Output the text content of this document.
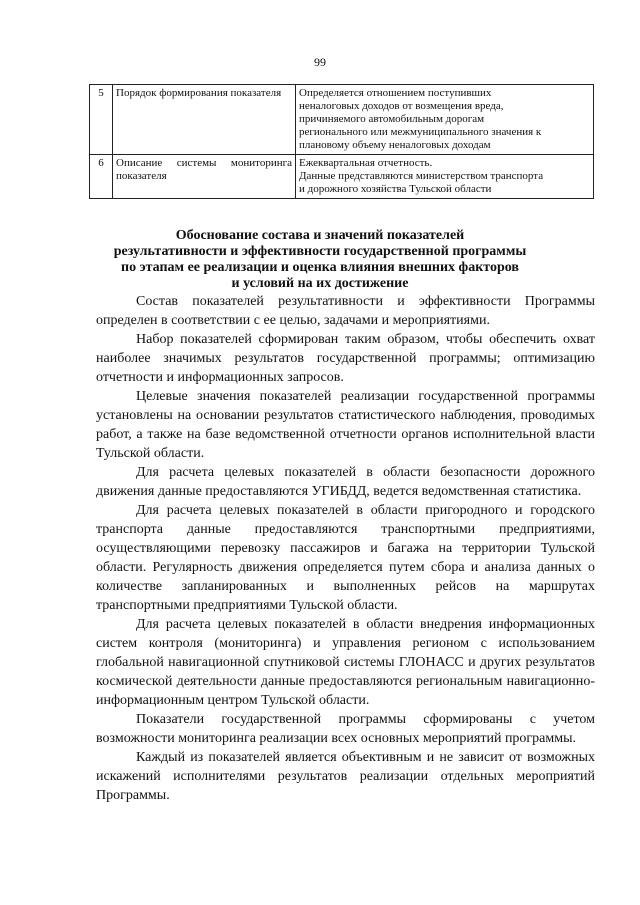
99
5	Порядок формирования показателя	Определяется отношением поступивших
неналоговых доходов от возмещения вреда,
причиняемого автомобильным дорогам
регионального или межмуниципального значения к
плановому объему неналоговых доходам

6	Описание системы мониторинга показателя	Ежеквартальная отчетность.
Данные представляются министерством транспорта
и дорожного хозяйства Тульской области
Обоснование состава и значений показателей
результативности и эффективности государственной программы
по этапам ее реализации и оценка влияния внешних факторов
и условий на их достижение

Состав показателей результативности и эффективности Программы определен в соответствии с ее целью, задачами и мероприятиями.

Набор показателей сформирован таким образом, чтобы обеспечить охват наиболее значимых результатов государственной программы; оптимизацию отчетности и информационных запросов.

Целевые значения показателей реализации государственной программы установлены на основании результатов статистического наблюдения, проводимых работ, а также на базе ведомственной отчетности органов исполнительной власти Тульской области.

Для расчета целевых показателей в области безопасности дорожного движения данные предоставляются УГИБДД, ведется ведомственная статистика.

Для расчета целевых показателей в области пригородного и городского транспорта данные предоставляются транспортными предприятиями, осуществляющими перевозку пассажиров и багажа на территории Тульской области. Регулярность движения определяется путем сбора и анализа данных о количестве запланированных и выполненных рейсов на маршрутах транспортными предприятиями Тульской области.

Для расчета целевых показателей в области внедрения информационных систем контроля (мониторинга) и управления регионом с использованием глобальной навигационной спутниковой системы ГЛОНАСС и других результатов космической деятельности данные предоставляются региональным навигационно-информационным центром Тульской области.

Показатели государственной программы сформированы с учетом возможности мониторинга реализации всех основных мероприятий программы.

Каждый из показателей является объективным и не зависит от возможных искажений исполнителями результатов реализации отдельных мероприятий Программы.
